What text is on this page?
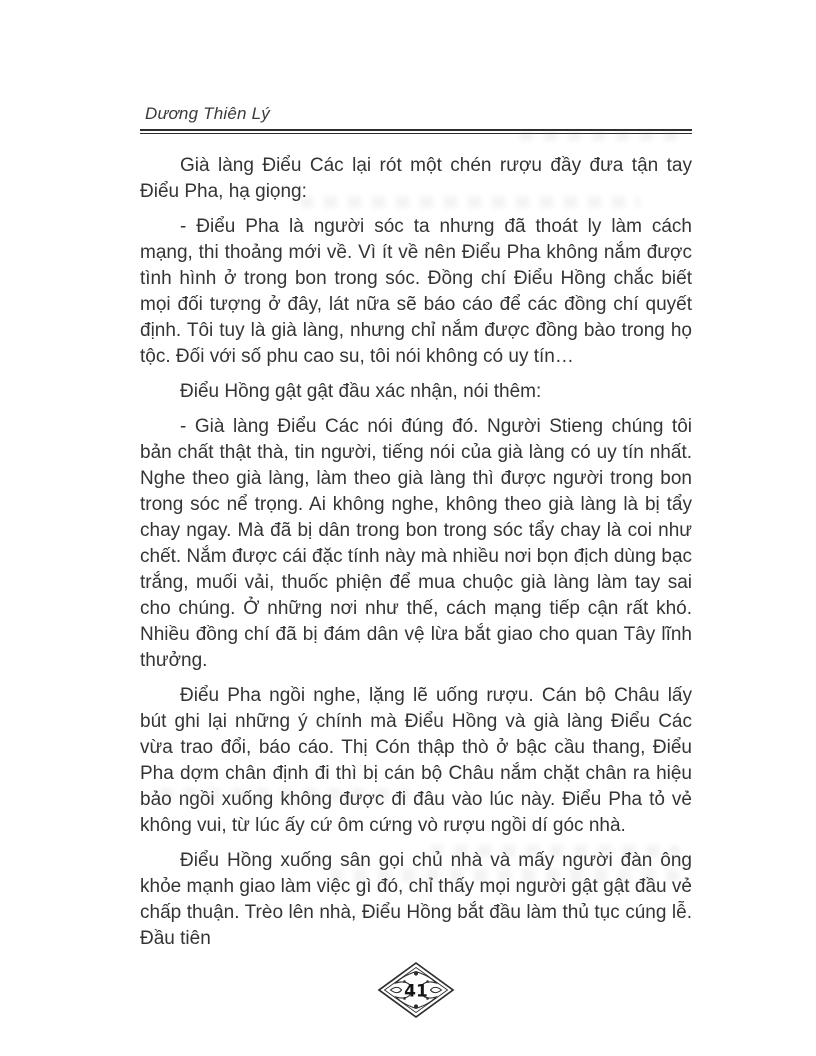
Dương Thiên Lý

Già làng Điểu Các lại rót một chén rượu đầy đưa tận tay Điểu Pha, hạ giọng:

- Điểu Pha là người sóc ta nhưng đã thoát ly làm cách mạng, thi thoảng mới về. Vì ít về nên Điểu Pha không nắm được tình hình ở trong bon trong sóc. Đồng chí Điểu Hồng chắc biết mọi đối tượng ở đây, lát nữa sẽ báo cáo để các đồng chí quyết định. Tôi tuy là già làng, nhưng chỉ nắm được đồng bào trong họ tộc. Đối với số phu cao su, tôi nói không có uy tín…

Điểu Hồng gật gật đầu xác nhận, nói thêm:

- Già làng Điểu Các nói đúng đó. Người Stieng chúng tôi bản chất thật thà, tin người, tiếng nói của già làng có uy tín nhất. Nghe theo già làng, làm theo già làng thì được người trong bon trong sóc nể trọng. Ai không nghe, không theo già làng là bị tẩy chay ngay. Mà đã bị dân trong bon trong sóc tẩy chay là coi như chết. Nắm được cái đặc tính này mà nhiều nơi bọn địch dùng bạc trắng, muối vải, thuốc phiện để mua chuộc già làng làm tay sai cho chúng. Ở những nơi như thế, cách mạng tiếp cận rất khó. Nhiều đồng chí đã bị đám dân vệ lừa bắt giao cho quan Tây lĩnh thưởng.

Điểu Pha ngồi nghe, lặng lẽ uống rượu. Cán bộ Châu lấy bút ghi lại những ý chính mà Điểu Hồng và già làng Điểu Các vừa trao đổi, báo cáo. Thị Cón thập thò ở bậc cầu thang, Điểu Pha dợm chân định đi thì bị cán bộ Châu nắm chặt chân ra hiệu bảo ngồi xuống không được đi đâu vào lúc này. Điểu Pha tỏ vẻ không vui, từ lúc ấy cứ ôm cứng vò rượu ngồi dí góc nhà.

Điểu Hồng xuống sân gọi chủ nhà và mấy người đàn ông khỏe mạnh giao làm việc gì đó, chỉ thấy mọi người gật gật đầu vẻ chấp thuận. Trèo lên nhà, Điểu Hồng bắt đầu làm thủ tục cúng lễ. Đầu tiên

41
